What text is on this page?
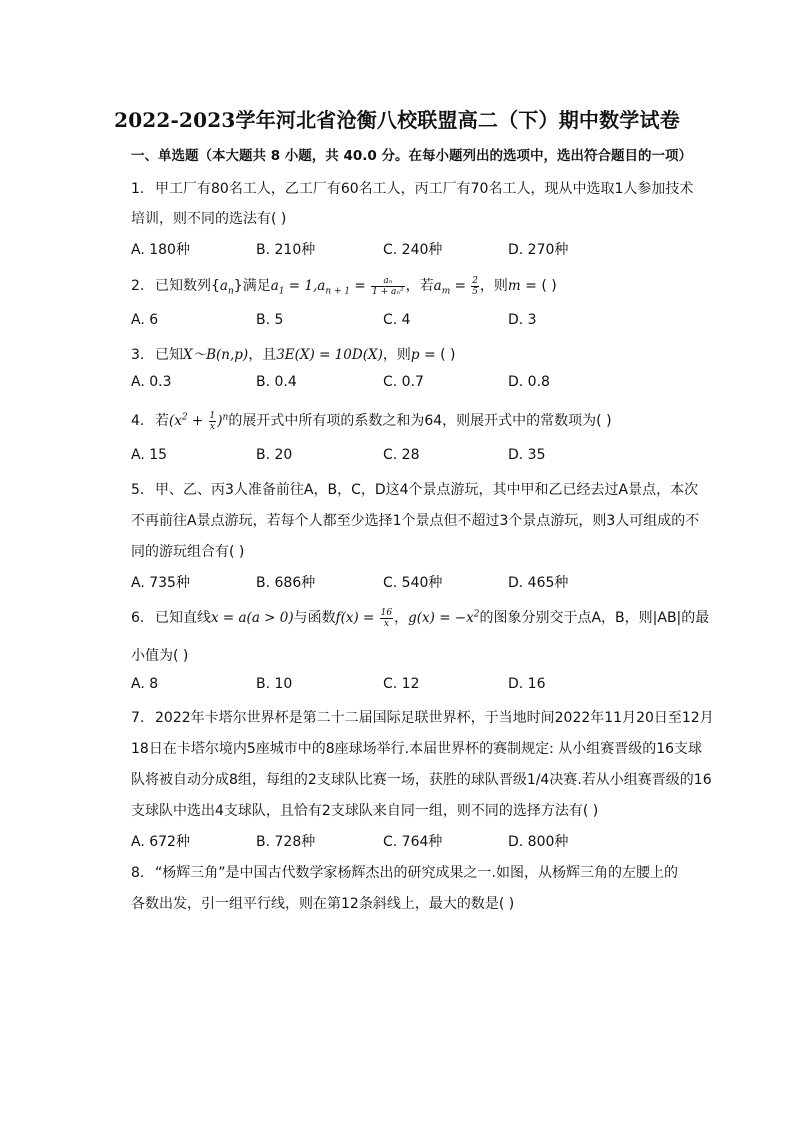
2022-2023学年河北省沧衡八校联盟高二（下）期中数学试卷
一、单选题（本大题共 8 小题，共 40.0 分。在每小题列出的选项中，选出符合题目的一项）
1. 甲工厂有80名工人，乙工厂有60名工人，丙工厂有70名工人，现从中选取1人参加技术
培训，则不同的选法有( )
A. 180种	B. 210种	C. 240种	D. 270种
2. 已知数列$\{a_n\}$满足$a_1 = 1,a_{n + 1} = \frac{\text{aₙ}}{\text{1 + aₙ²}}$ ，若$a_m = \frac{2}{5}$ ，则m = ( )
A. 6	B. 5	C. 4	D. 3
3. 已知X～B(n,p)，且3E(X) = 10D(X)，则p = ( )
A. 0.3	B. 0.4	C. 0.7	D. 0.8
4. 若$(x^2 + \frac{1}{x} )^n$的展开式中所有项的系数之和为64，则展开式中的常数项为( )
A. 15	B. 20	C. 28	D. 35
5. 甲、乙、丙3人准备前往A，B，C，D这4个景点游玩，其中甲和乙已经去过A景点，本次
不再前往A景点游玩，若每个人都至少选择1个景点但不超过3个景点游玩，则3人可组成的不
同的游玩组合有( )
A. 735种	B. 686种	C. 540种	D. 465种
6. 已知直线x = a(a > 0)与函数$f(x) = \frac{16}{x}$ ，$g(x) = -x^2$的图象分别交于点A，B，则|AB|的最
小值为( )
A. 8	B. 10	C. 12	D. 16
7. 2022年卡塔尔世界杯是第二十二届国际足联世界杯，于当地时间2022年11月20日至12月
18日在卡塔尔境内5座城市中的8座球场举行.本届世界杯的赛制规定: 从小组赛晋级的16支球
队将被自动分成8组，每组的2支球队比赛一场，获胜的球队晋级1/4决赛.若从小组赛晋级的16
支球队中选出4支球队，且恰有2支球队来自同一组，则不同的选择方法有( )
A. 672种	B. 728种	C. 764种	D. 800种
8. “杨辉三角”是中国古代数学家杨辉杰出的研究成果之一.如图，从杨辉三角的左腰上的
各数出发，引一组平行线，则在第12条斜线上，最大的数是( )
